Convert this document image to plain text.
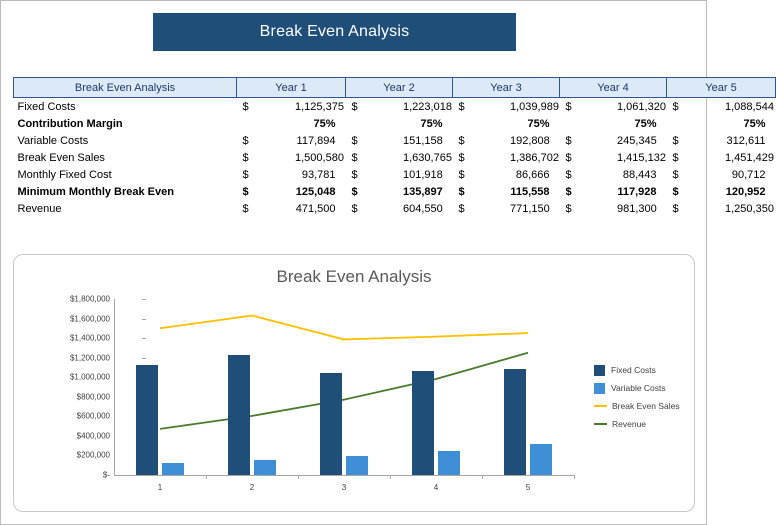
Break Even Analysis
Break Even Analysis	Year 1		Year 2		Year 3		Year 4		Year 5	
Fixed Costs	$	1,125,375	$	1,223,018	$	1,039,989	$	1,061,320	$	1,088,544
Contribution Margin		75%		75%		75%		75%		75%
Variable Costs	$	117,894	$	151,158	$	192,808	$	245,345	$	312,611
Break Even Sales	$	1,500,580	$	1,630,765	$	1,386,702	$	1,415,132	$	1,451,429
Monthly Fixed Cost	$	93,781	$	101,918	$	86,666	$	88,443	$	90,712
Minimum Monthly Break Even	$	125,048	$	135,897	$	115,558	$	117,928	$	120,952
Revenue	$	471,500	$	604,550	$	771,150	$	981,300	$	1,250,350
Break Even Analysis
$-
$200,000
$400,000
$600,000
$800,000
$1,000,000
$1,200,000
$1,400,000
$1,600,000
$1,800,000
1	2	3	4	5
Fixed Costs
Variable Costs
Break Even Sales
Revenue
